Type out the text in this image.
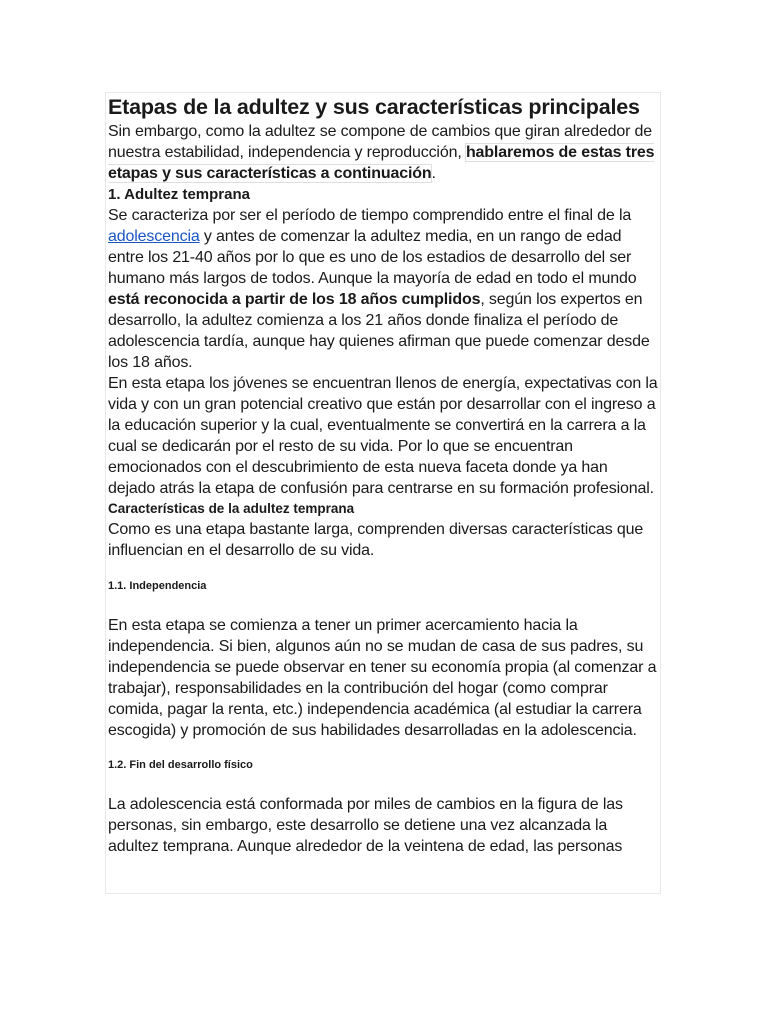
Etapas de la adultez y sus características principales

Sin embargo, como la adultez se compone de cambios que giran alrededor de nuestra estabilidad, independencia y reproducción, hablaremos de estas tres etapas y sus características a continuación.

1. Adultez temprana

Se caracteriza por ser el período de tiempo comprendido entre el final de la adolescencia y antes de comenzar la adultez media, en un rango de edad entre los 21-40 años por lo que es uno de los estadios de desarrollo del ser humano más largos de todos. Aunque la mayoría de edad en todo el mundo está reconocida a partir de los 18 años cumplidos, según los expertos en desarrollo, la adultez comienza a los 21 años donde finaliza el período de adolescencia tardía, aunque hay quienes afirman que puede comenzar desde los 18 años.

En esta etapa los jóvenes se encuentran llenos de energía, expectativas con la vida y con un gran potencial creativo que están por desarrollar con el ingreso a la educación superior y la cual, eventualmente se convertirá en la carrera a la cual se dedicarán por el resto de su vida. Por lo que se encuentran emocionados con el descubrimiento de esta nueva faceta donde ya han dejado atrás la etapa de confusión para centrarse en su formación profesional.

Características de la adultez temprana

Como es una etapa bastante larga, comprenden diversas características que influencian en el desarrollo de su vida.

1.1. Independencia

En esta etapa se comienza a tener un primer acercamiento hacia la independencia. Si bien, algunos aún no se mudan de casa de sus padres, su independencia se puede observar en tener su economía propia (al comenzar a trabajar), responsabilidades en la contribución del hogar (como comprar comida, pagar la renta, etc.) independencia académica (al estudiar la carrera escogida) y promoción de sus habilidades desarrolladas en la adolescencia.

1.2. Fin del desarrollo físico

La adolescencia está conformada por miles de cambios en la figura de las personas, sin embargo, este desarrollo se detiene una vez alcanzada la adultez temprana. Aunque alrededor de la veintena de edad, las personas
